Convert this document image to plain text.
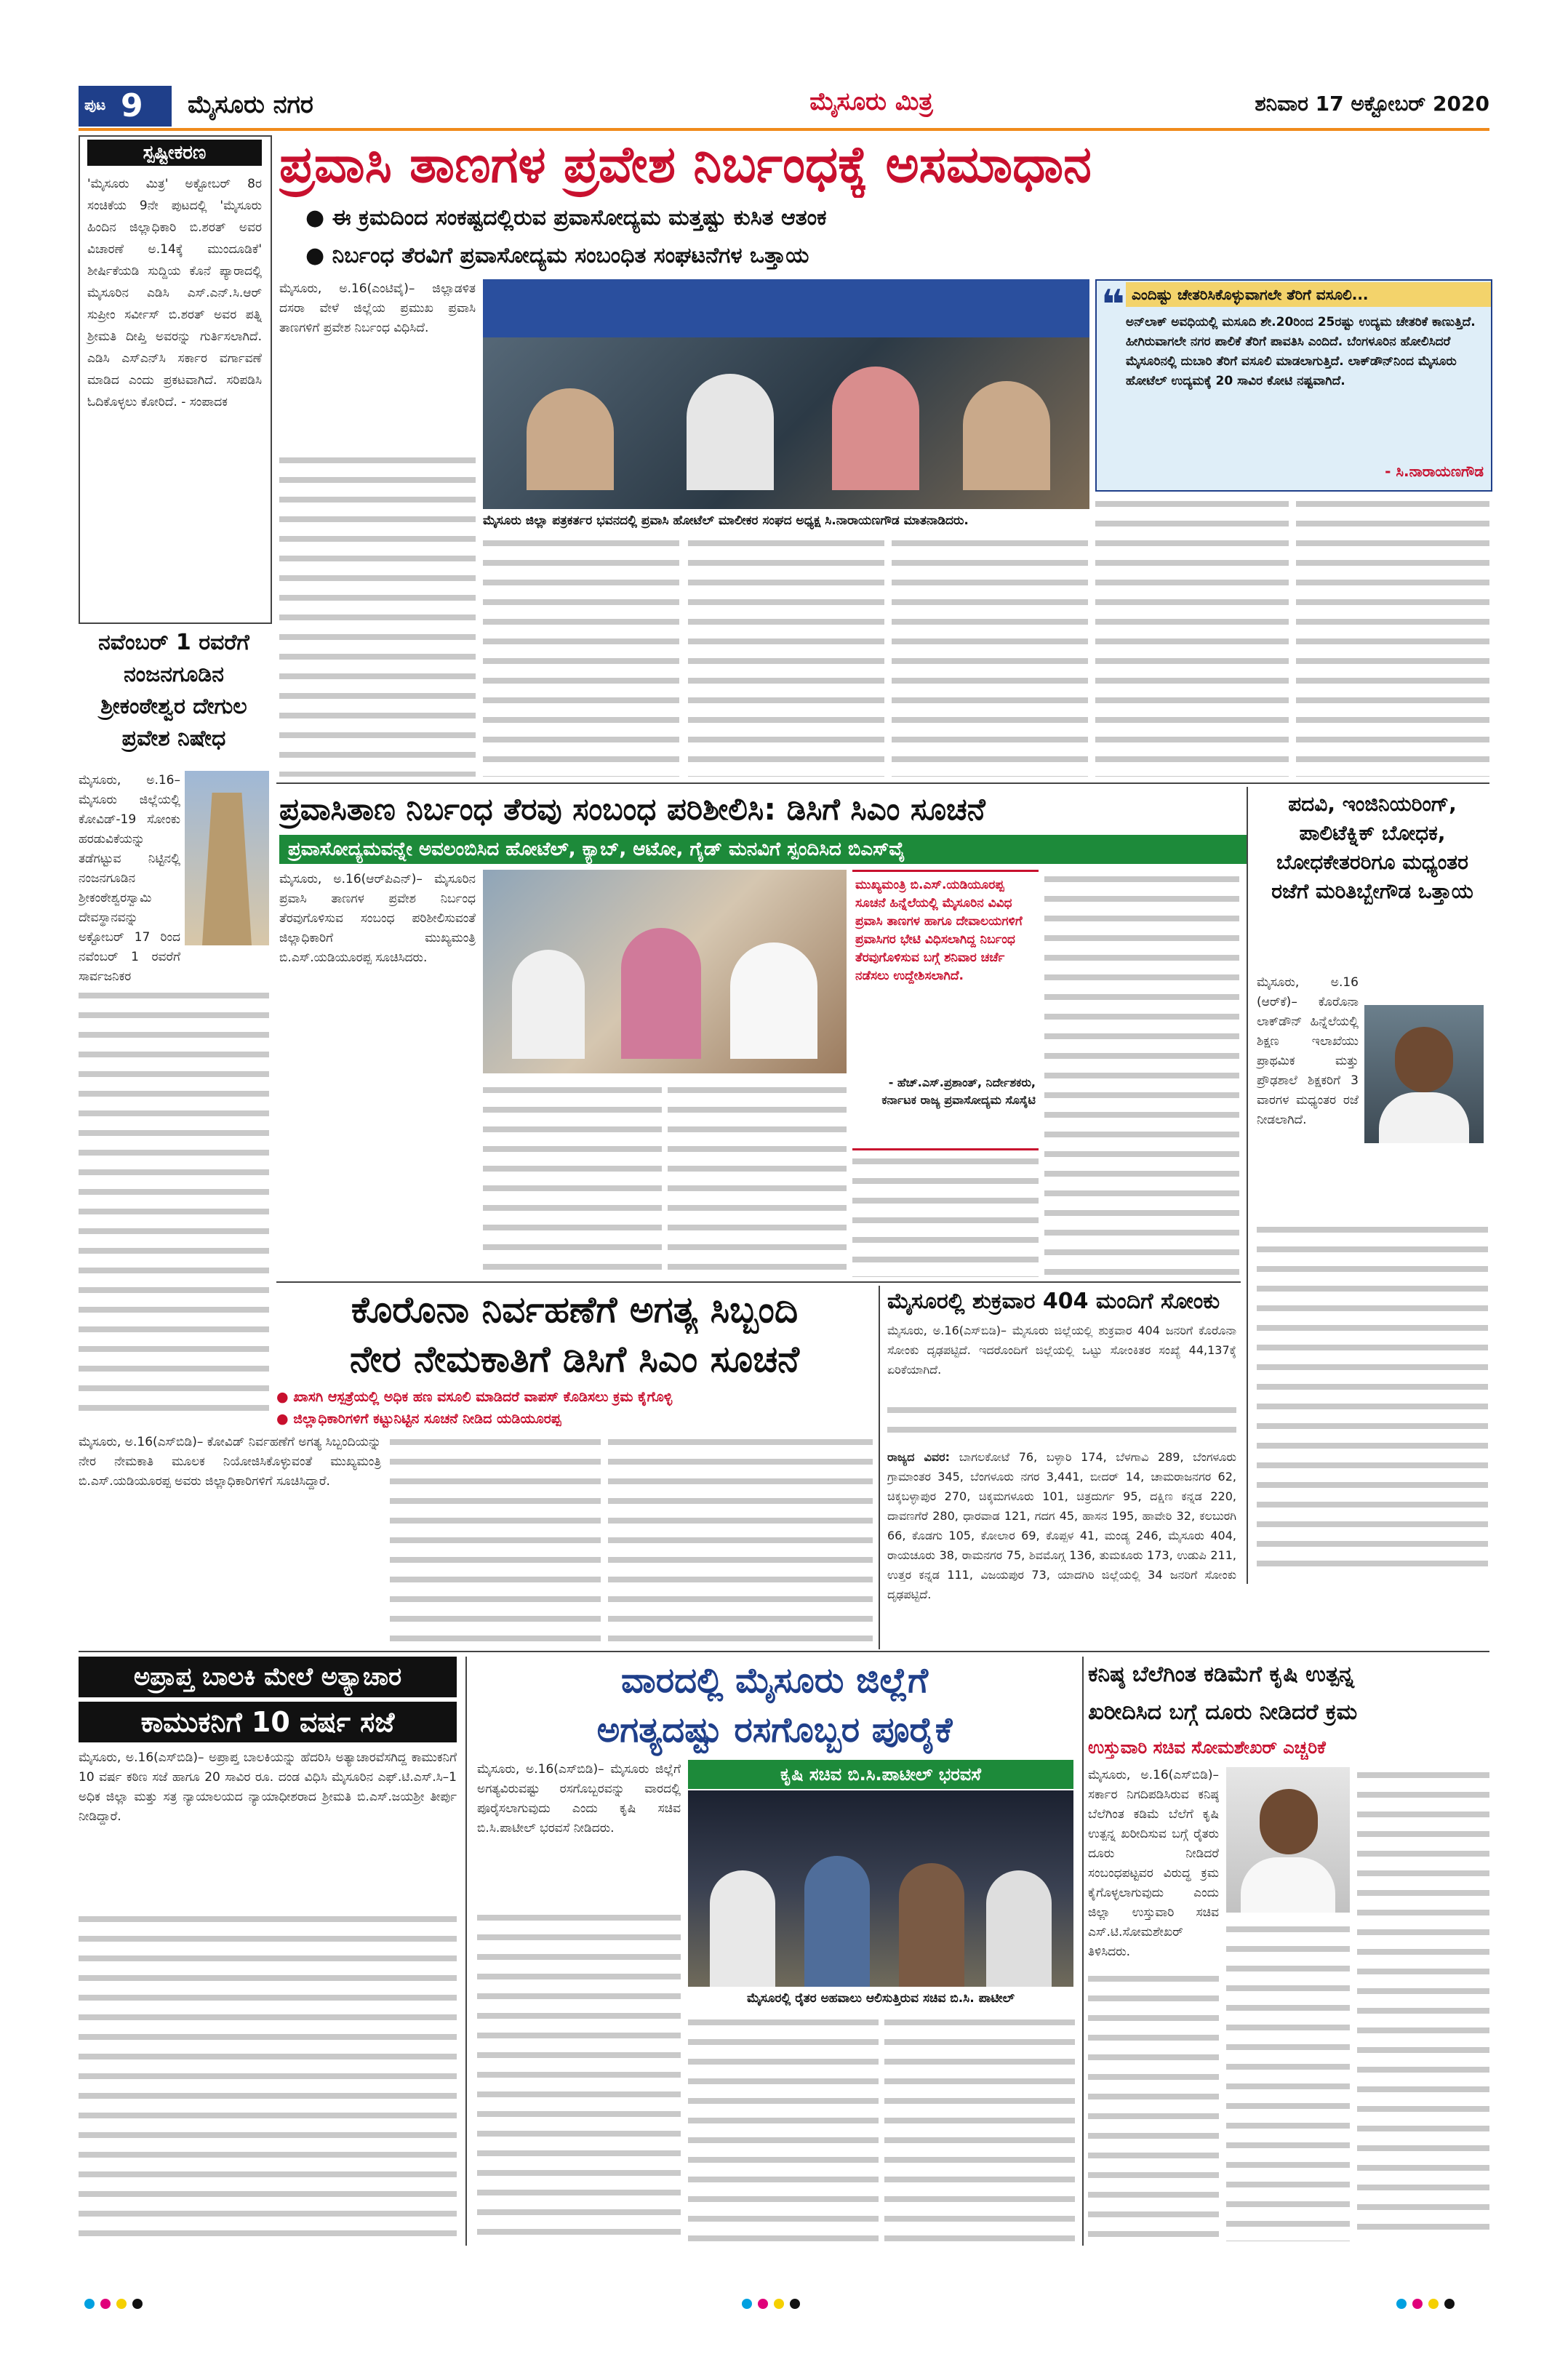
ಪುಟ 9 ಮೈಸೂರು ನಗರ	ಮೈಸೂರು ಮಿತ್ರ	ಶನಿವಾರ 17 ಅಕ್ಟೋಬರ್ 2020
ಸ್ಪಷ್ಟೀಕರಣ
'ಮೈಸೂರು ಮಿತ್ರ' ಅಕ್ಟೋಬರ್ 8ರ ಸಂಚಿಕೆಯ 9ನೇ ಪುಟದಲ್ಲಿ 'ಮೈಸೂರು ಹಿಂದಿನ ಜಿಲ್ಲಾಧಿಕಾರಿ ಬಿ.ಶರತ್ ಅವರ ವಿಚಾರಣೆ ಅ.14ಕ್ಕೆ ಮುಂದೂಡಿಕೆ' ಶೀರ್ಷಿಕೆಯಡಿ ಸುದ್ದಿಯ ಕೊನೆ ಪ್ಯಾರಾದಲ್ಲಿ ಮೈಸೂರಿನ ಎಡಿಸಿ ಎಸ್.ಎನ್.ಸಿ.ಆರ್ ಸುಪ್ರೀಂ ಸರ್ವೀಸ್ ಬಿ.ಶರತ್ ಅವರ ಪತ್ನಿ ಶ್ರೀಮತಿ ದೀಪ್ತಿ ಅವರನ್ನು ಗುರ್ತಿಸಲಾಗಿದೆ. ಎಡಿಸಿ ಎಸ್ಎನ್‌ಸಿ ಸರ್ಕಾರ ವರ್ಗಾವಣೆ ಮಾಡಿದ ಎಂದು ಪ್ರಕಟವಾಗಿದೆ. ಸರಿಪಡಿಸಿ ಓದಿಕೊಳ್ಳಲು ಕೋರಿದೆ. - ಸಂಪಾದಕ
ಪ್ರವಾಸಿ ತಾಣಗಳ ಪ್ರವೇಶ ನಿರ್ಬಂಧಕ್ಕೆ ಅಸಮಾಧಾನ
● ಈ ಕ್ರಮದಿಂದ ಸಂಕಷ್ಟದಲ್ಲಿರುವ ಪ್ರವಾಸೋದ್ಯಮ ಮತ್ತಷ್ಟು ಕುಸಿತ ಆತಂಕ
● ನಿರ್ಬಂಧ ತೆರವಿಗೆ ಪ್ರವಾಸೋದ್ಯಮ ಸಂಬಂಧಿತ ಸಂಘಟನೆಗಳ ಒತ್ತಾಯ

ಮೈಸೂರು, ಅ.16(ಎಂಟಿವೈ)– ಜಿಲ್ಲಾಡಳಿತ ದಸರಾ ವೇಳೆ ಜಿಲ್ಲೆಯ ಪ್ರಮುಖ ಪ್ರವಾಸಿ ತಾಣಗಳಿಗೆ ಪ್ರವೇಶ ನಿರ್ಬಂಧ ವಿಧಿಸಿದೆ.

ಮೈಸೂರು ಜಿಲ್ಲಾ ಪತ್ರಕರ್ತರ ಭವನದಲ್ಲಿ ಪ್ರವಾಸಿ ಹೋಟೆಲ್ ಮಾಲೀಕರ ಸಂಘದ ಅಧ್ಯಕ್ಷ ಸಿ.ನಾರಾಯಣಗೌಡ ಮಾತನಾಡಿದರು.
ಎಂದಿಷ್ಟು ಚೇತರಿಸಿಕೊಳ್ಳುವಾಗಲೇ ತೆರಿಗೆ ವಸೂಲಿ...
❝ ಅನ್‌ಲಾಕ್ ಅವಧಿಯಲ್ಲಿ ಮಸೂದಿ ಶೇ.20ರಿಂದ 25ರಷ್ಟು ಉದ್ಯಮ ಚೇತರಿಕೆ ಕಾಣುತ್ತಿದೆ. ಹೀಗಿರುವಾಗಲೇ ನಗರ ಪಾಲಿಕೆ ತೆರಿಗೆ ಪಾವತಿಸಿ ಎಂದಿದೆ. ಬೆಂಗಳೂರಿನ ಹೋಲಿಸಿದರೆ ಮೈಸೂರಿನಲ್ಲಿ ದುಬಾರಿ ತೆರಿಗೆ ವಸೂಲಿ ಮಾಡಲಾಗುತ್ತಿದೆ. ಲಾಕ್‌ಡೌನ್‌ನಿಂದ ಮೈಸೂರು ಹೋಟೆಲ್ ಉದ್ಯಮಕ್ಕೆ 20 ಸಾವಿರ ಕೋಟಿ ನಷ್ಟವಾಗಿದೆ.
- ಸಿ.ನಾರಾಯಣಗೌಡ
ನವೆಂಬರ್ 1 ರವರೆಗೆ ನಂಜನಗೂಡಿನ ಶ್ರೀಕಂಠೇಶ್ವರ ದೇಗುಲ ಪ್ರವೇಶ ನಿಷೇಧ
ಮೈಸೂರು, ಅ.16– ಮೈಸೂರು ಜಿಲ್ಲೆಯಲ್ಲಿ ಕೋವಿಡ್-19 ಸೋಂಕು ಹರಡುವಿಕೆಯನ್ನು ತಡೆಗಟ್ಟುವ ನಿಟ್ಟಿನಲ್ಲಿ ನಂಜನಗೂಡಿನ ಶ್ರೀಕಂಠೇಶ್ವರಸ್ವಾಮಿ ದೇವಸ್ಥಾನವನ್ನು ಅಕ್ಟೋಬರ್ 17 ರಿಂದ ನವೆಂಬರ್ 1 ರವರೆಗೆ ಸಾರ್ವಜನಿಕರ
ಪ್ರವಾಸಿತಾಣ ನಿರ್ಬಂಧ ತೆರವು ಸಂಬಂಧ ಪರಿಶೀಲಿಸಿ: ಡಿಸಿಗೆ ಸಿಎಂ ಸೂಚನೆ
ಪ್ರವಾಸೋದ್ಯಮವನ್ನೇ ಅವಲಂಬಿಸಿದ ಹೋಟೆಲ್, ಕ್ಯಾಬ್, ಆಟೋ, ಗೈಡ್ ಮನವಿಗೆ ಸ್ಪಂದಿಸಿದ ಬಿಎಸ್‌ವೈ

ಮೈಸೂರು, ಅ.16(ಆರ್‌ಪಿಎನ್)– ಮೈಸೂರಿನ ಪ್ರವಾಸಿ ತಾಣಗಳ ಪ್ರವೇಶ ನಿರ್ಬಂಧ ತೆರವುಗೊಳಿಸುವ ಸಂಬಂಧ ಪರಿಶೀಲಿಸುವಂತೆ ಜಿಲ್ಲಾಧಿಕಾರಿಗೆ ಮುಖ್ಯಮಂತ್ರಿ ಬಿ.ಎಸ್.ಯಡಿಯೂರಪ್ಪ ಸೂಚಿಸಿದರು.

ಮುಖ್ಯಮಂತ್ರಿ ಬಿ.ಎಸ್.ಯಡಿಯೂರಪ್ಪ ಸೂಚನೆ ಹಿನ್ನೆಲೆಯಲ್ಲಿ ಮೈಸೂರಿನ ವಿವಿಧ ಪ್ರವಾಸಿ ತಾಣಗಳ ಹಾಗೂ ದೇವಾಲಯಗಳಿಗೆ ಪ್ರವಾಸಿಗರ ಭೇಟಿ ವಿಧಿಸಲಾಗಿದ್ದ ನಿರ್ಬಂಧ ತೆರವುಗೊಳಿಸುವ ಬಗ್ಗೆ ಶನಿವಾರ ಚರ್ಚೆ ನಡೆಸಲು ಉದ್ದೇಶಿಸಲಾಗಿದೆ.
- ಹೆಚ್.ಎಸ್.ಪ್ರಶಾಂತ್, ನಿರ್ದೇಶಕರು, ಕರ್ನಾಟಕ ರಾಜ್ಯ ಪ್ರವಾಸೋದ್ಯಮ ಸೊಸೈಟಿ
ಪದವಿ, ಇಂಜಿನಿಯರಿಂಗ್, ಪಾಲಿಟೆಕ್ನಿಕ್ ಬೋಧಕ, ಬೋಧಕೇತರರಿಗೂ ಮಧ್ಯಂತರ ರಜೆಗೆ ಮರಿತಿಬ್ಬೇಗೌಡ ಒತ್ತಾಯ
ಮೈಸೂರು, ಅ.16 (ಆರ್‌ಕೆ)– ಕೊರೊನಾ ಲಾಕ್‌ಡೌನ್ ಹಿನ್ನೆಲೆಯಲ್ಲಿ ಶಿಕ್ಷಣ ಇಲಾಖೆಯು ಪ್ರಾಥಮಿಕ ಮತ್ತು ಪ್ರೌಢಶಾಲೆ ಶಿಕ್ಷಕರಿಗೆ 3 ವಾರಗಳ ಮಧ್ಯಂತರ ರಜೆ ನೀಡಲಾಗಿದೆ.
ಕೊರೊನಾ ನಿರ್ವಹಣೆಗೆ ಅಗತ್ಯ ಸಿಬ್ಬಂದಿ
ನೇರ ನೇಮಕಾತಿಗೆ ಡಿಸಿಗೆ ಸಿಎಂ ಸೂಚನೆ
● ಖಾಸಗಿ ಆಸ್ಪತ್ರೆಯಲ್ಲಿ ಅಧಿಕ ಹಣ ವಸೂಲಿ ಮಾಡಿದರೆ ವಾಪಸ್ ಕೊಡಿಸಲು ಕ್ರಮ ಕೈಗೊಳ್ಳಿ
● ಜಿಲ್ಲಾಧಿಕಾರಿಗಳಿಗೆ ಕಟ್ಟುನಿಟ್ಟಿನ ಸೂಚನೆ ನೀಡಿದ ಯಡಿಯೂರಪ್ಪ

ಮೈಸೂರು, ಅ.16(ಎಸ್‌ಬಿಡಿ)– ಕೋವಿಡ್ ನಿರ್ವಹಣೆಗೆ ಅಗತ್ಯ ಸಿಬ್ಬಂದಿಯನ್ನು ನೇರ ನೇಮಕಾತಿ ಮೂಲಕ ನಿಯೋಜಿಸಿಕೊಳ್ಳುವಂತೆ ಮುಖ್ಯಮಂತ್ರಿ ಬಿ.ಎಸ್.ಯಡಿಯೂರಪ್ಪ ಅವರು ಜಿಲ್ಲಾಧಿಕಾರಿಗಳಿಗೆ ಸೂಚಿಸಿದ್ದಾರೆ.

ಮೈಸೂರಲ್ಲಿ ಶುಕ್ರವಾರ 404 ಮಂದಿಗೆ ಸೋಂಕು
ಮೈಸೂರು, ಅ.16(ಎಸ್‌ಬಿಡಿ)– ಮೈಸೂರು ಜಿಲ್ಲೆಯಲ್ಲಿ ಶುಕ್ರವಾರ 404 ಜನರಿಗೆ ಕೊರೊನಾ ಸೋಂಕು ದೃಢಪಟ್ಟಿದೆ. ಇದರೊಂದಿಗೆ ಜಿಲ್ಲೆಯಲ್ಲಿ ಒಟ್ಟು ಸೋಂಕಿತರ ಸಂಖ್ಯೆ 44,137ಕ್ಕೆ ಏರಿಕೆಯಾಗಿದೆ.
ರಾಜ್ಯದ ವಿವರ: ಬಾಗಲಕೋಟೆ 76, ಬಳ್ಳಾರಿ 174, ಬೆಳಗಾವಿ 289, ಬೆಂಗಳೂರು ಗ್ರಾಮಾಂತರ 345, ಬೆಂಗಳೂರು ನಗರ 3,441, ಬೀದರ್ 14, ಚಾಮರಾಜನಗರ 62, ಚಿಕ್ಕಬಳ್ಳಾಪುರ 270, ಚಿಕ್ಕಮಗಳೂರು 101, ಚಿತ್ರದುರ್ಗ 95, ದಕ್ಷಿಣ ಕನ್ನಡ 220, ದಾವಣಗೆರೆ 280, ಧಾರವಾಡ 121, ಗದಗ 45, ಹಾಸನ 195, ಹಾವೇರಿ 32, ಕಲಬುರಗಿ 66, ಕೊಡಗು 105, ಕೋಲಾರ 69, ಕೊಪ್ಪಳ 41, ಮಂಡ್ಯ 246, ಮೈಸೂರು 404, ರಾಯಚೂರು 38, ರಾಮನಗರ 75, ಶಿವಮೊಗ್ಗ 136, ತುಮಕೂರು 173, ಉಡುಪಿ 211, ಉತ್ತರ ಕನ್ನಡ 111, ವಿಜಯಪುರ 73, ಯಾದಗಿರಿ ಜಿಲ್ಲೆಯಲ್ಲಿ 34 ಜನರಿಗೆ ಸೋಂಕು ದೃಢಪಟ್ಟಿದೆ.
ಅಪ್ರಾಪ್ತ ಬಾಲಕಿ ಮೇಲೆ ಅತ್ಯಾಚಾರ
ಕಾಮುಕನಿಗೆ 10 ವರ್ಷ ಸಜೆ

ಮೈಸೂರು, ಅ.16(ಎಸ್‌ಬಿಡಿ)– ಅಪ್ರಾಪ್ತ ಬಾಲಕಿಯನ್ನು ಹೆದರಿಸಿ ಅತ್ಯಾಚಾರವೆಸಗಿದ್ದ ಕಾಮುಕನಿಗೆ 10 ವರ್ಷ ಕಠಿಣ ಸಜೆ ಹಾಗೂ 20 ಸಾವಿರ ರೂ. ದಂಡ ವಿಧಿಸಿ ಮೈಸೂರಿನ ಎಫ್.ಟಿ.ಎಸ್.ಸಿ–1 ಅಧಿಕ ಜಿಲ್ಲಾ ಮತ್ತು ಸತ್ರ ನ್ಯಾಯಾಲಯದ ನ್ಯಾಯಾಧೀಶರಾದ ಶ್ರೀಮತಿ ಬಿ.ಎಸ್.ಜಯಶ್ರೀ ತೀರ್ಪು ನೀಡಿದ್ದಾರೆ.

ವಾರದಲ್ಲಿ ಮೈಸೂರು ಜಿಲ್ಲೆಗೆ
ಅಗತ್ಯದಷ್ಟು ರಸಗೊಬ್ಬರ ಪೂರೈಕೆ
ಮೈಸೂರು, ಅ.16(ಎಸ್‌ಬಿಡಿ)– ಮೈಸೂರು ಜಿಲ್ಲೆಗೆ ಅಗತ್ಯವಿರುವಷ್ಟು ರಸಗೊಬ್ಬರವನ್ನು ವಾರದಲ್ಲಿ ಪೂರೈಸಲಾಗುವುದು ಎಂದು ಕೃಷಿ ಸಚಿವ ಬಿ.ಸಿ.ಪಾಟೀಲ್ ಭರವಸೆ ನೀಡಿದರು.
ಕೃಷಿ ಸಚಿವ ಬಿ.ಸಿ.ಪಾಟೀಲ್ ಭರವಸೆ
ಮೈಸೂರಲ್ಲಿ ರೈತರ ಅಹವಾಲು ಆಲಿಸುತ್ತಿರುವ ಸಚಿವ ಬಿ.ಸಿ. ಪಾಟೀಲ್
ಕನಿಷ್ಠ ಬೆಲೆಗಿಂತ ಕಡಿಮೆಗೆ ಕೃಷಿ ಉತ್ಪನ್ನ
ಖರೀದಿಸಿದ ಬಗ್ಗೆ ದೂರು ನೀಡಿದರೆ ಕ್ರಮ
ಉಸ್ತುವಾರಿ ಸಚಿವ ಸೋಮಶೇಖರ್ ಎಚ್ಚರಿಕೆ
ಮೈಸೂರು, ಅ.16(ಎಸ್‌ಬಿಡಿ)– ಸರ್ಕಾರ ನಿಗದಿಪಡಿಸಿರುವ ಕನಿಷ್ಠ ಬೆಲೆಗಿಂತ ಕಡಿಮೆ ಬೆಲೆಗೆ ಕೃಷಿ ಉತ್ಪನ್ನ ಖರೀದಿಸುವ ಬಗ್ಗೆ ರೈತರು ದೂರು ನೀಡಿದರೆ ಸಂಬಂಧಪಟ್ಟವರ ವಿರುದ್ಧ ಕ್ರಮ ಕೈಗೊಳ್ಳಲಾಗುವುದು ಎಂದು ಜಿಲ್ಲಾ ಉಸ್ತುವಾರಿ ಸಚಿವ ಎಸ್.ಟಿ.ಸೋಮಶೇಖರ್ ತಿಳಿಸಿದರು.
